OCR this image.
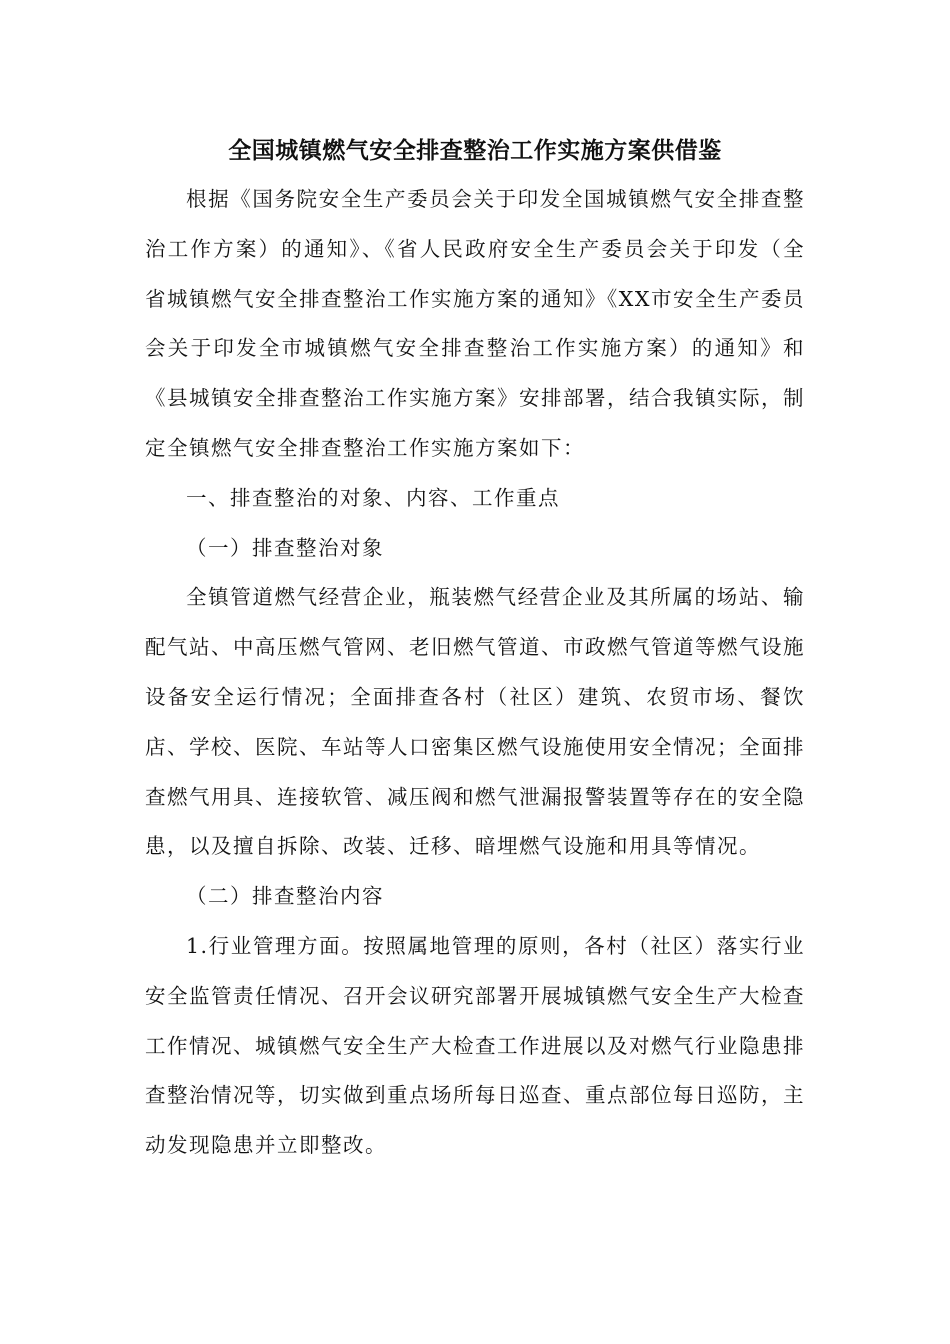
全国城镇燃气安全排查整治工作实施方案供借鉴

根据《国务院安全生产委员会关于印发全国城镇燃气安全排查整治工作方案）的通知》、《省人民政府安全生产委员会关于印发（全省城镇燃气安全排查整治工作实施方案的通知》《XX市安全生产委员会关于印发全市城镇燃气安全排查整治工作实施方案）的通知》和《县城镇安全排查整治工作实施方案》安排部署，结合我镇实际，制定全镇燃气安全排查整治工作实施方案如下：

一、排查整治的对象、内容、工作重点

（一）排查整治对象

全镇管道燃气经营企业，瓶装燃气经营企业及其所属的场站、输配气站、中高压燃气管网、老旧燃气管道、市政燃气管道等燃气设施设备安全运行情况；全面排查各村（社区）建筑、农贸市场、餐饮店、学校、医院、车站等人口密集区燃气设施使用安全情况；全面排查燃气用具、连接软管、减压阀和燃气泄漏报警装置等存在的安全隐患，以及擅自拆除、改装、迁移、暗埋燃气设施和用具等情况。

（二）排查整治内容

1.行业管理方面。按照属地管理的原则，各村（社区）落实行业安全监管责任情况、召开会议研究部署开展城镇燃气安全生产大检查工作情况、城镇燃气安全生产大检查工作进展以及对燃气行业隐患排查整治情况等，切实做到重点场所每日巡查、重点部位每日巡防，主动发现隐患并立即整改。
